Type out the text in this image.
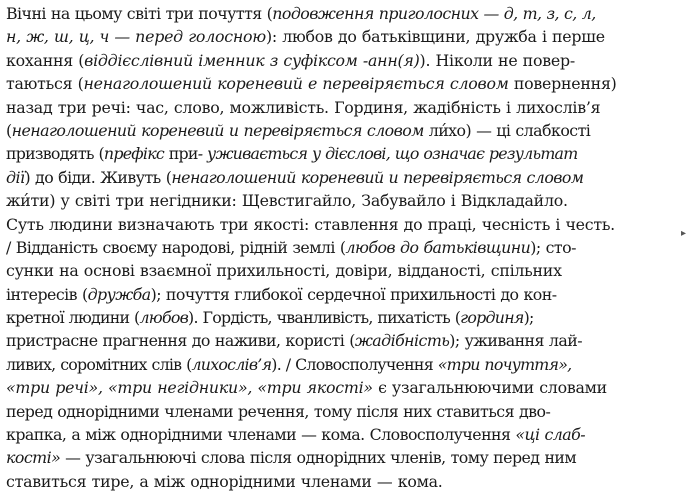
Вічні на цьому світі три почуття (подовження приголосних — д, т, з, с, л,
н, ж, ш, ц, ч — перед голосною): любов до батьківщини, дружба і перше
кохання (віддієслівний іменник з суфіксом -анн(я)). Ніколи не повер-
таються (ненаголошений кореневий е перевіряється словом повернення)
назад три речі: час, слово, можливість. Гординя, жадібність і лихослів’я
(ненаголошений кореневий и перевіряється словом ли́хо) — ці слабкості
призводять (префікс при- уживається у дієслові, що означає результат
дії) до біди. Живуть (ненаголошений кореневий и перевіряється словом
жи́ти) у світі три негідники: Щевстигайло, Забувайло і Відкладайло.
Суть людини визначають три якості: ставлення до праці, чесність і честь.
/ Відданість своєму народові, рідній землі (любов до батьківщини); сто-
сунки на основі взаємної прихильності, довіри, відданості, спільних
інтересів (дружба); почуття глибокої сердечної прихильності до кон-
кретної людини (любов). Гордість, чванливість, пихатість (гординя);
пристрасне прагнення до наживи, користі (жадібність); уживання лай-
ливих, соромітних слів (лихослів’я). / Словосполучення «три почуття»,
«три речі», «три негідники», «три якості» є узагальнюючими словами
перед однорідними членами речення, тому після них ставиться дво-
крапка, а між однорідними членами — кома. Словосполучення «ці слаб-
кості» — узагальнюючі слова після однорідних членів, тому перед ним
ставиться тире, а між однорідними членами — кома.
▸
